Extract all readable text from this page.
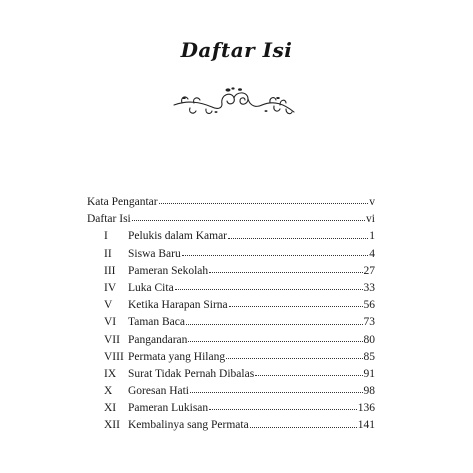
Daftar Isi
Kata Pengantar	v
Daftar Isi	vi
I	Pelukis dalam Kamar	1
II	Siswa Baru	4
III	Pameran Sekolah	27
IV	Luka Cita	33
V	Ketika Harapan Sirna	56
VI	Taman Baca	73
VII Pangandaran	80
VIII Permata yang Hilang	85
IX	Surat Tidak Pernah Dibalas	91
X	Goresan Hati	98
XI	Pameran Lukisan	136
XII Kembalinya sang Permata	141
